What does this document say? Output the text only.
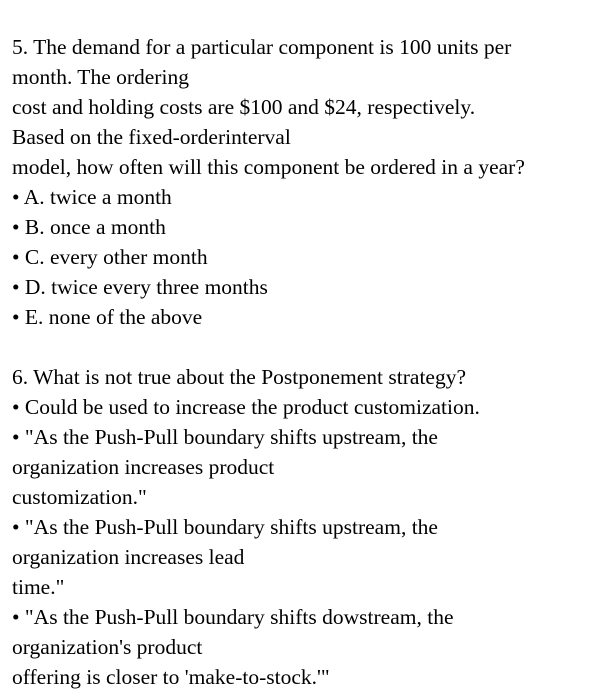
5. The demand for a particular component is 100 units per
month. The ordering
cost and holding costs are $100 and $24, respectively.
Based on the fixed-orderinterval
model, how often will this component be ordered in a year?
• A. twice a month
• B. once a month
• C. every other month
• D. twice every three months
• E. none of the above
6. What is not true about the Postponement strategy?
• Could be used to increase the product customization.
• "As the Push-Pull boundary shifts upstream, the
organization increases product
customization."
• "As the Push-Pull boundary shifts upstream, the
organization increases lead
time."
• "As the Push-Pull boundary shifts dowstream, the
organization's product
offering is closer to 'make-to-stock.'"
